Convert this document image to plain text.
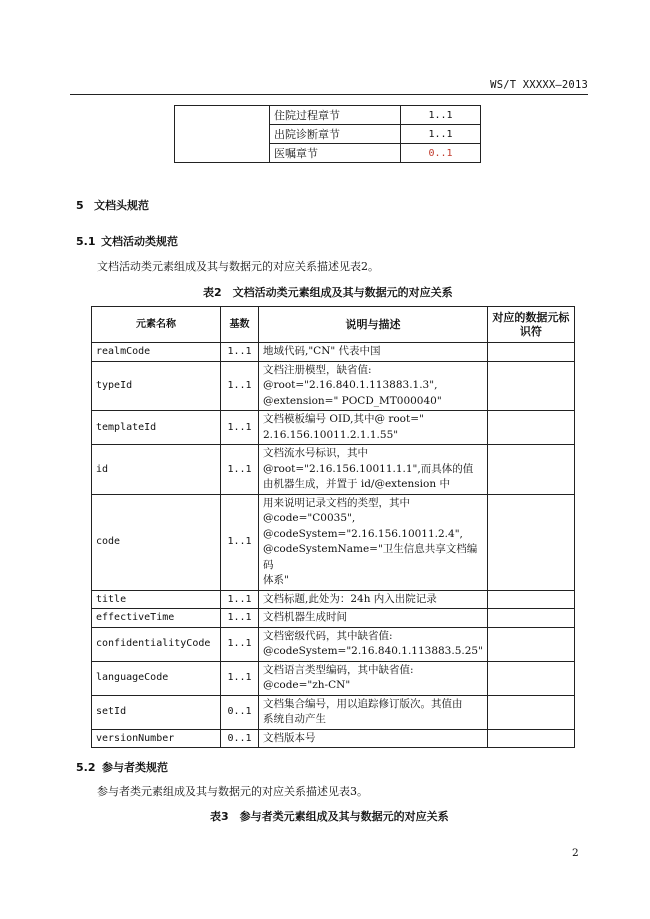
WS/T XXXXX—2013
	住院过程章节	1..1
	出院诊断章节	1..1
	医嘱章节	0..1
5 文档头规范
5.1 文档活动类规范
文档活动类元素组成及其与数据元的对应关系描述见表2。
表2　文档活动类元素组成及其与数据元的对应关系
元素名称	基数	说明与描述	对应的数据元标识符
realmCode	1..1	地域代码,"CN" 代表中国	
typeId	1..1	文档注册模型，缺省值:
@root="2.16.840.1.113883.1.3",
@extension=" POCD_MT000040"	
templateId	1..1	文档模板编号 OID,其中@ root="
2.16.156.10011.2.1.1.55"	
id	1..1	文档流水号标识，其中
@root="2.16.156.10011.1.1",而具体的值
由机器生成，并置于 id/@extension 中	
code	1..1	用来说明记录文档的类型，其中
@code="C0035",
@codeSystem="2.16.156.10011.2.4",
@codeSystemName="卫生信息共享文档编码
体系"	
title	1..1	文档标题,此处为：24h 内入出院记录	
effectiveTime	1..1	文档机器生成时间	
confidentialityCode	1..1	文档密级代码，其中缺省值:
@codeSystem="2.16.840.1.113883.5.25"	
languageCode	1..1	文档语言类型编码，其中缺省值:
@code="zh-CN"	
setId	0..1	文档集合编号，用以追踪修订版次。其值由
系统自动产生	
versionNumber	0..1	文档版本号	
5.2 参与者类规范
参与者类元素组成及其与数据元的对应关系描述见表3。
表3　参与者类元素组成及其与数据元的对应关系
2
